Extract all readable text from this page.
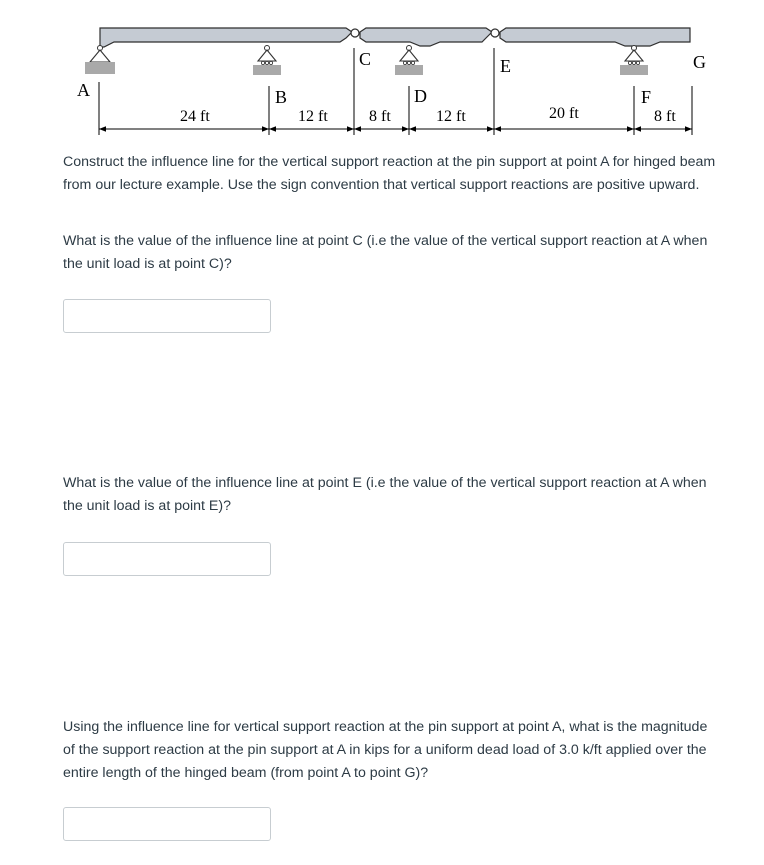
A	B
C
D
E
F
G
24 ft	12 ft	8 ft	12 ft	20 ft	8 ft

Construct the influence line for the vertical support reaction at the pin support at point A for hinged beam from our lecture example. Use the sign convention that vertical support reactions are positive upward.

What is the value of the influence line at point C (i.e the value of the vertical support reaction at A when the unit load is at point C)?

What is the value of the influence line at point E (i.e the value of the vertical support reaction at A when the unit load is at point E)?

Using the influence line for vertical support reaction at the pin support at point A, what is the magnitude of the support reaction at the pin support at A in kips for a uniform dead load of 3.0 k/ft applied over the entire length of the hinged beam (from point A to point G)?
